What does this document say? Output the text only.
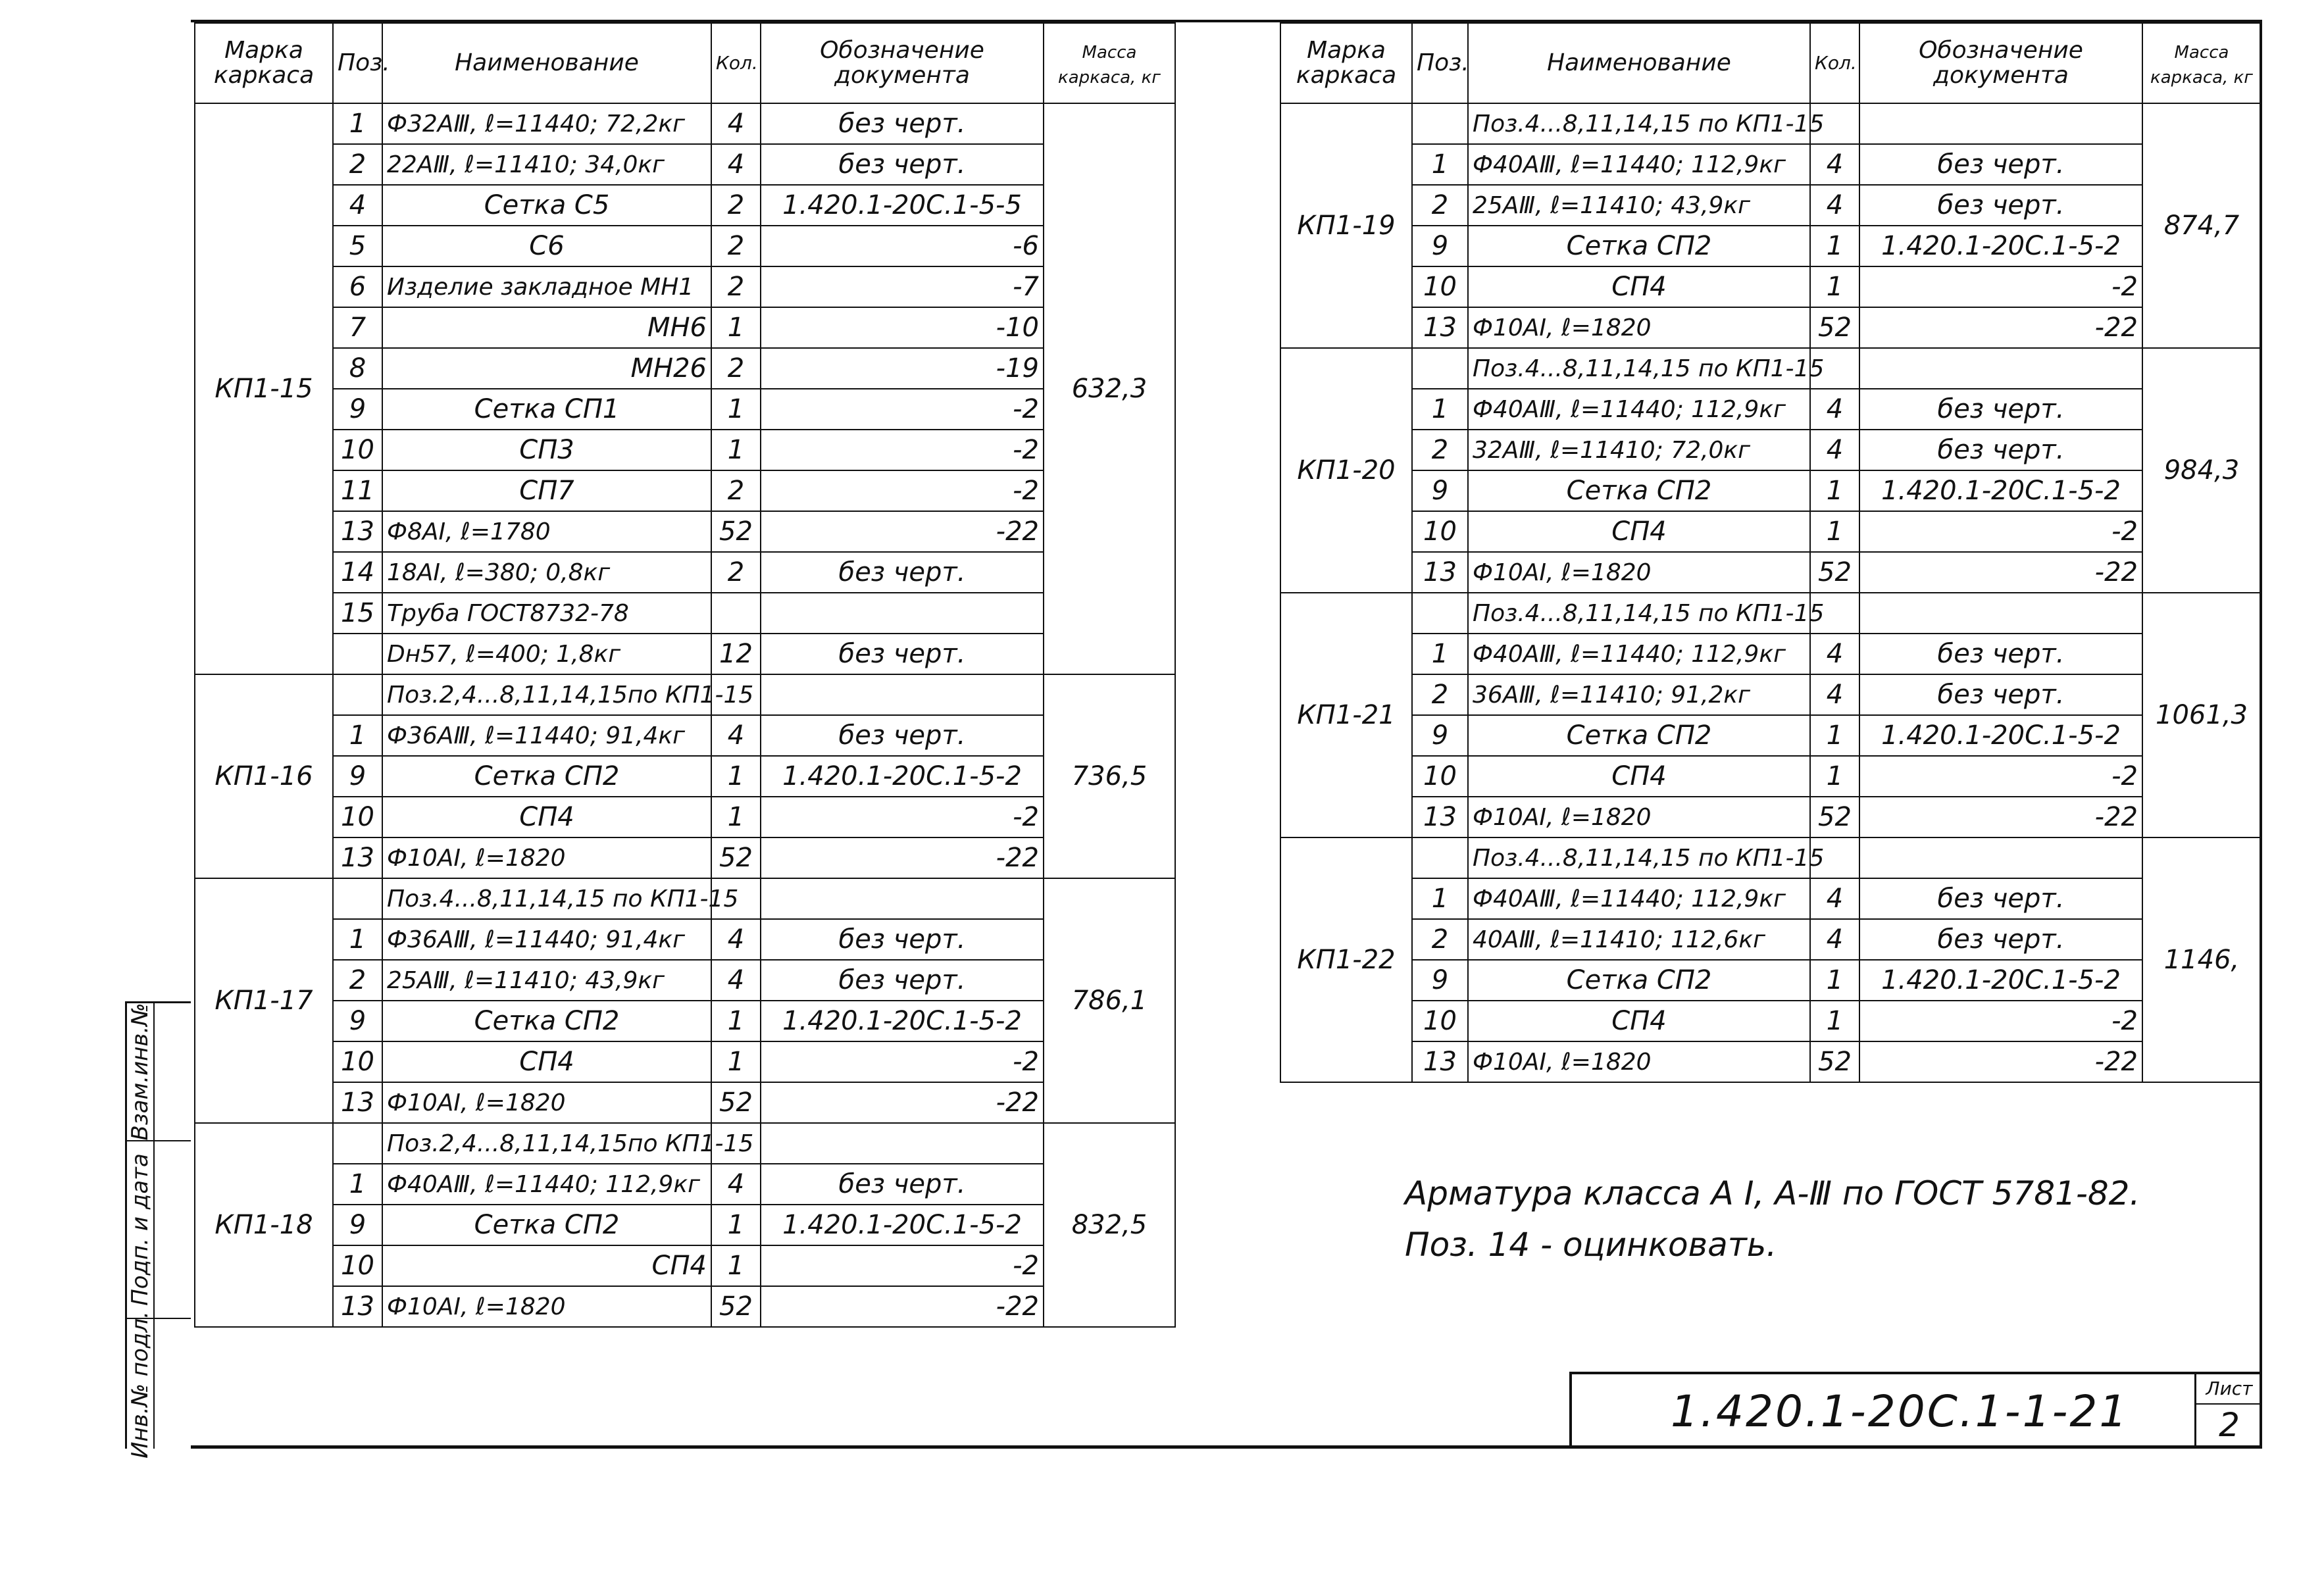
Марка каркаса	Поз.	Наименование	Кол.	Обозначение документа	Масса каркаса, кг
КП1-15	1	Ф32АⅢ, ℓ=11440; 72,2кг	4	без черт.	632,3
	2	22АⅢ, ℓ=11410; 34,0кг	4	без черт.	
	4	Сетка С5	2	1.420.1-20С.1-5-5	
	5	С6	2	-6	
	6	Изделие закладное МН1	2	-7	
	7	МН6	1	-10	
	8	МН26	2	-19	
	9	Сетка СП1	1	-2	
	10	СП3	1	-2	
	11	СП7	2	-2	
	13	Ф8АⅠ, ℓ=1780	52	-22	
	14	18АⅠ, ℓ=380; 0,8кг	2	без черт.	
	15	Труба ГОСТ8732-78			
		Dн57, ℓ=400; 1,8кг	12	без черт.	
КП1-16		Поз.2,4...8,11,14,15по КП1-15			736,5
	1	Ф36АⅢ, ℓ=11440; 91,4кг	4	без черт.	
	9	Сетка СП2	1	1.420.1-20С.1-5-2	
	10	СП4	1	-2	
	13	Ф10АⅠ, ℓ=1820	52	-22	
КП1-17		Поз.4...8,11,14,15 по КП1-15			786,1
	1	Ф36АⅢ, ℓ=11440; 91,4кг	4	без черт.	
	2	25АⅢ, ℓ=11410; 43,9кг	4	без черт.	
	9	Сетка СП2	1	1.420.1-20С.1-5-2	
	10	СП4	1	-2	
	13	Ф10АⅠ, ℓ=1820	52	-22	
КП1-18		Поз.2,4...8,11,14,15по КП1-15			832,5
	1	Ф40АⅢ, ℓ=11440; 112,9кг	4	без черт.	
	9	Сетка СП2	1	1.420.1-20С.1-5-2	
	10	СП4	1	-2	
	13	Ф10АⅠ, ℓ=1820	52	-22	
Марка каркаса	Поз.	Наименование	Кол.	Обозначение документа	Масса каркаса, кг
КП1-19		Поз.4...8,11,14,15 по КП1-15			874,7
	1	Ф40АⅢ, ℓ=11440; 112,9кг	4	без черт.	
	2	25АⅢ, ℓ=11410; 43,9кг	4	без черт.	
	9	Сетка СП2	1	1.420.1-20С.1-5-2	
	10	СП4	1	-2	
	13	Ф10АⅠ, ℓ=1820	52	-22	
КП1-20		Поз.4...8,11,14,15 по КП1-15			984,3
	1	Ф40АⅢ, ℓ=11440; 112,9кг	4	без черт.	
	2	32АⅢ, ℓ=11410; 72,0кг	4	без черт.	
	9	Сетка СП2	1	1.420.1-20С.1-5-2	
	10	СП4	1	-2	
	13	Ф10АⅠ, ℓ=1820	52	-22	
КП1-21		Поз.4...8,11,14,15 по КП1-15			1061,3
	1	Ф40АⅢ, ℓ=11440; 112,9кг	4	без черт.	
	2	36АⅢ, ℓ=11410; 91,2кг	4	без черт.	
	9	Сетка СП2	1	1.420.1-20С.1-5-2	
	10	СП4	1	-2	
	13	Ф10АⅠ, ℓ=1820	52	-22	
КП1-22		Поз.4...8,11,14,15 по КП1-15			1146,
	1	Ф40АⅢ, ℓ=11440; 112,9кг	4	без черт.	
	2	40АⅢ, ℓ=11410; 112,6кг	4	без черт.	
	9	Сетка СП2	1	1.420.1-20С.1-5-2	
	10	СП4	1	-2	
	13	Ф10АⅠ, ℓ=1820	52	-22	
Арматура класса А Ⅰ, А-Ⅲ по ГОСТ 5781-82.
Поз. 14 - оцинковать.
1.420.1-20С.1-1-21	Лист
2
Взам.инв.№
Подп. и дата
Инв.№ подл.
